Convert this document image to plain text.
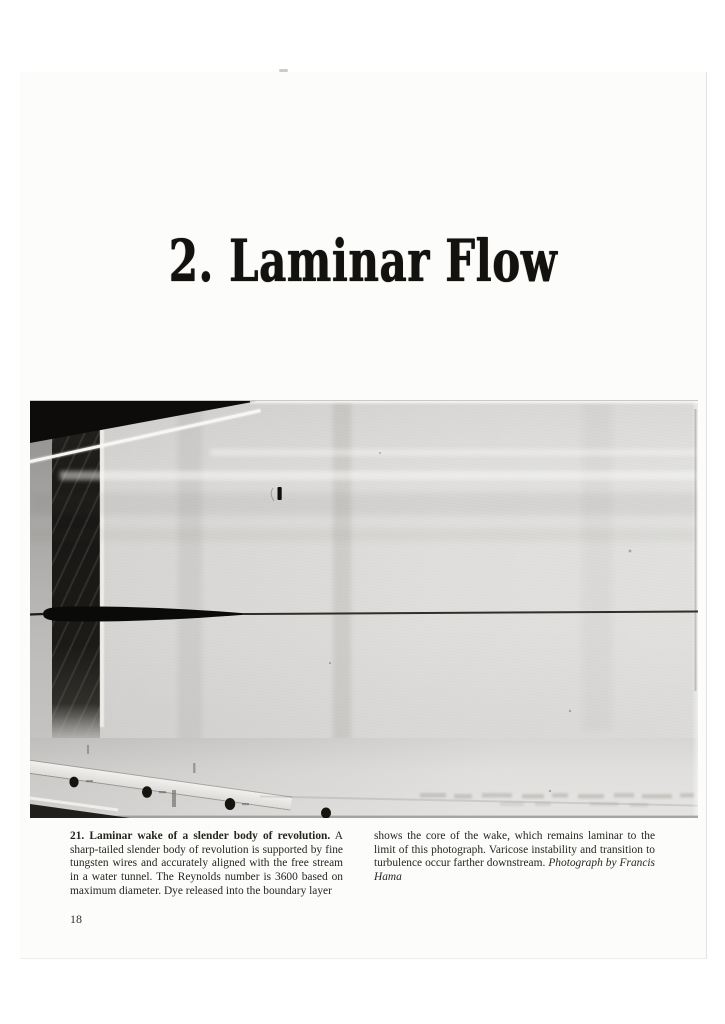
2. Laminar Flow

21. Laminar wake of a slender body of revolution. A sharp-tailed slender body of revolution is supported by fine tungsten wires and accurately aligned with the free stream in a water tunnel. The Reynolds number is 3600 based on maximum diameter. Dye released into the boundary layer

shows the core of the wake, which remains laminar to the limit of this photograph. Varicose instability and transition to turbulence occur farther downstream. Photograph by Francis Hama

18
